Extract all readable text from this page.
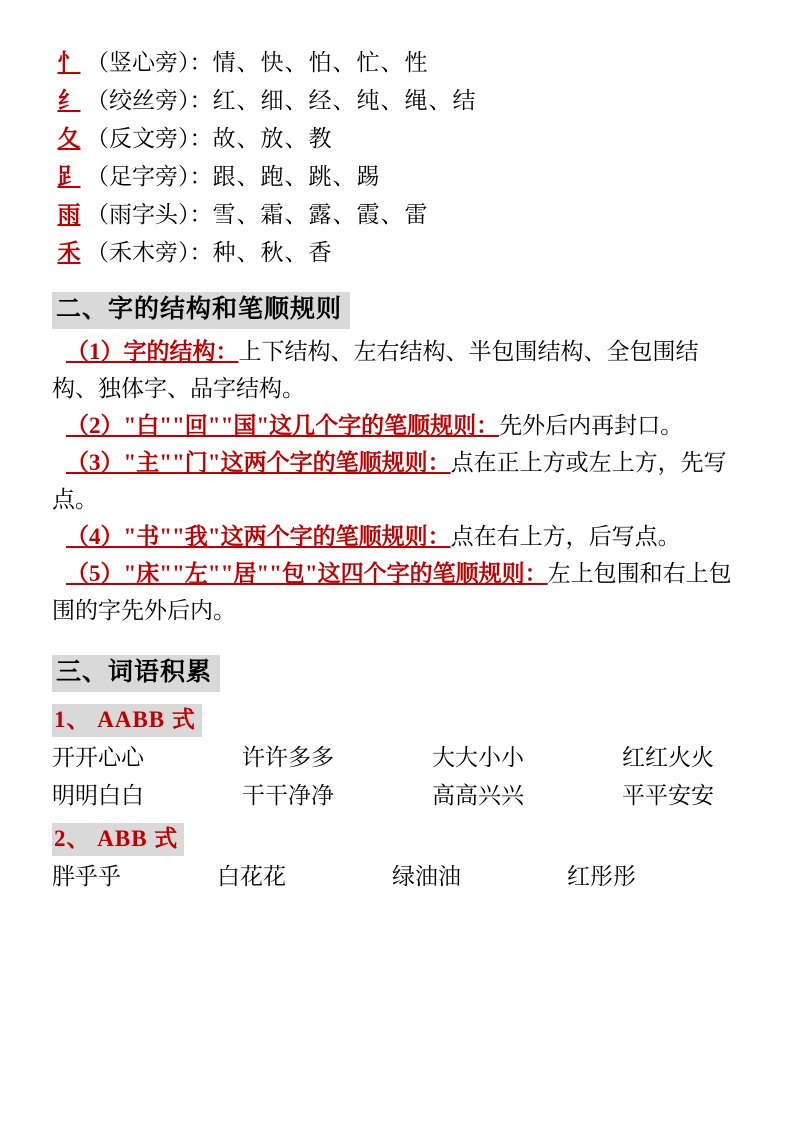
忄 （竖心旁）： 情、快、怕、忙、性
纟 （绞丝旁）： 红、细、经、纯、绳、结
夂 （反文旁）： 故、放、教
𧾷 （足字旁）： 跟、跑、跳、踢
雨 （雨字头）： 雪、霜、露、霞、雷
禾 （禾木旁）： 种、秋、香
二、字的结构和笔顺规则

（1）字的结构：上下结构、左右结构、半包围结构、全包围结构、独体字、品字结构。

（2）"白""回""国"这几个字的笔顺规则：先外后内再封口。

（3）"主""门"这两个字的笔顺规则：点在正上方或左上方，先写点。

（4）"书""我"这两个字的笔顺规则：点在右上方，后写点。

（5）"床""左""居""包"这四个字的笔顺规则：左上包围和右上包围的字先外后内。

三、词语积累
1、 AABB 式
开开心心	许许多多	大大小小	红红火火
明明白白	干干净净	高高兴兴	平平安安
2、 ABB 式
胖乎乎	白花花	绿油油	红彤彤
